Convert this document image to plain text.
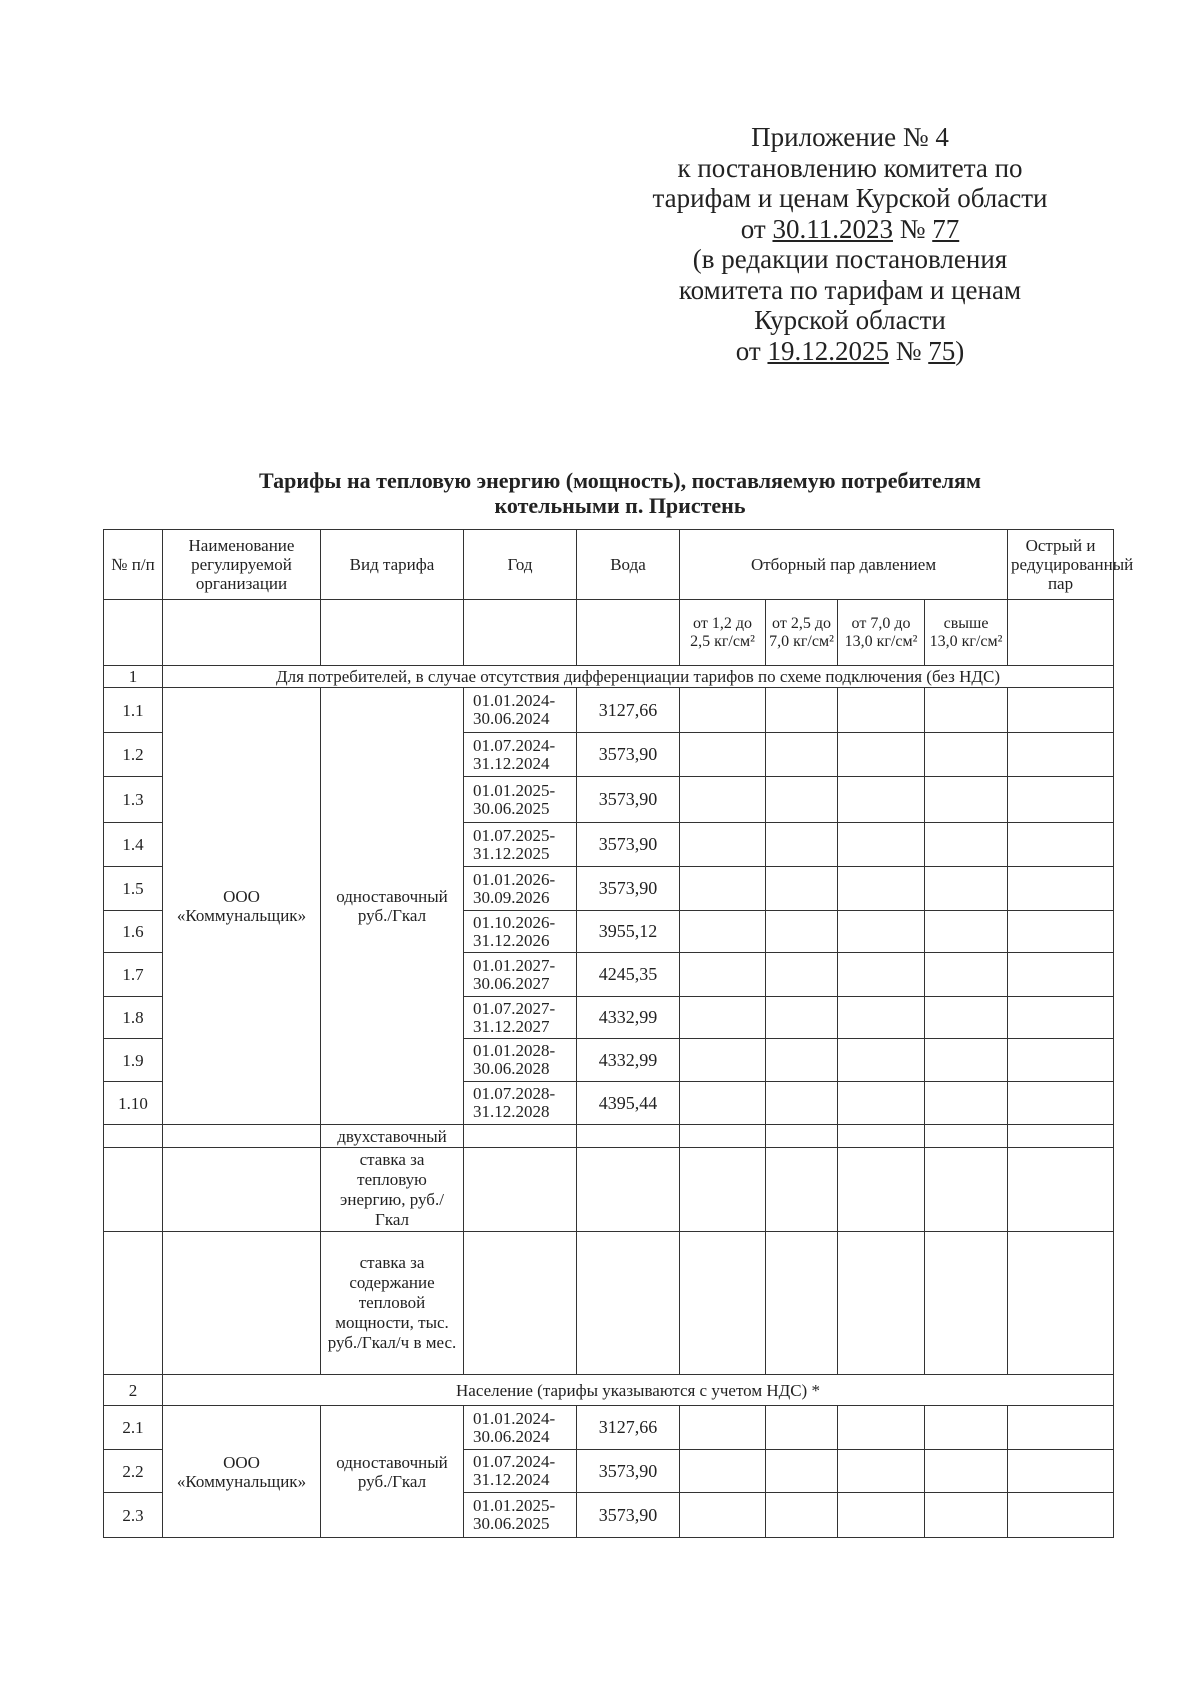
Приложение № 4
к постановлению комитета по
тарифам и ценам Курской области
от 30.11.2023 № 77
(в редакции постановления
комитета по тарифам и ценам
Курской области
от 19.12.2025 № 75)
Тарифы на тепловую энергию (мощность), поставляемую потребителям
котельными п. Пристень
№ п/п	Наименование регулируемой организации	Вид тарифа	Год	Вода	Отборный пар давлением				Острый и редуцированный пар
					от 1,2 до 2,5 кг/см²	от 2,5 до 7,0 кг/см²	от 7,0 до 13,0 кг/см²	свыше 13,0 кг/см²	
1	Для потребителей, в случае отсутствия дифференциации тарифов по схеме подключения (без НДС)								
1.1	ООО «Коммунальщик»	одноставочный руб./Гкал	01.01.2024-30.06.2024	3127,66					
1.2			01.07.2024-31.12.2024	3573,90					
1.3			01.01.2025-30.06.2025	3573,90					
1.4			01.07.2025-31.12.2025	3573,90					
1.5			01.01.2026-30.09.2026	3573,90					
1.6			01.10.2026-31.12.2026	3955,12					
1.7			01.01.2027-30.06.2027	4245,35					
1.8			01.07.2027-31.12.2027	4332,99					
1.9			01.01.2028-30.06.2028	4332,99					
1.10			01.07.2028-31.12.2028	4395,44					
		двухставочный							
		ставка за тепловую энергию, руб./Гкал							
		ставка за содержание тепловой мощности, тыс. руб./Гкал/ч в мес.							
2	Население (тарифы указываются с учетом НДС) *								
2.1	ООО «Коммунальщик»	одноставочный руб./Гкал	01.01.2024-30.06.2024	3127,66					
2.2			01.07.2024-31.12.2024	3573,90					
2.3			01.01.2025-30.06.2025	3573,90					
